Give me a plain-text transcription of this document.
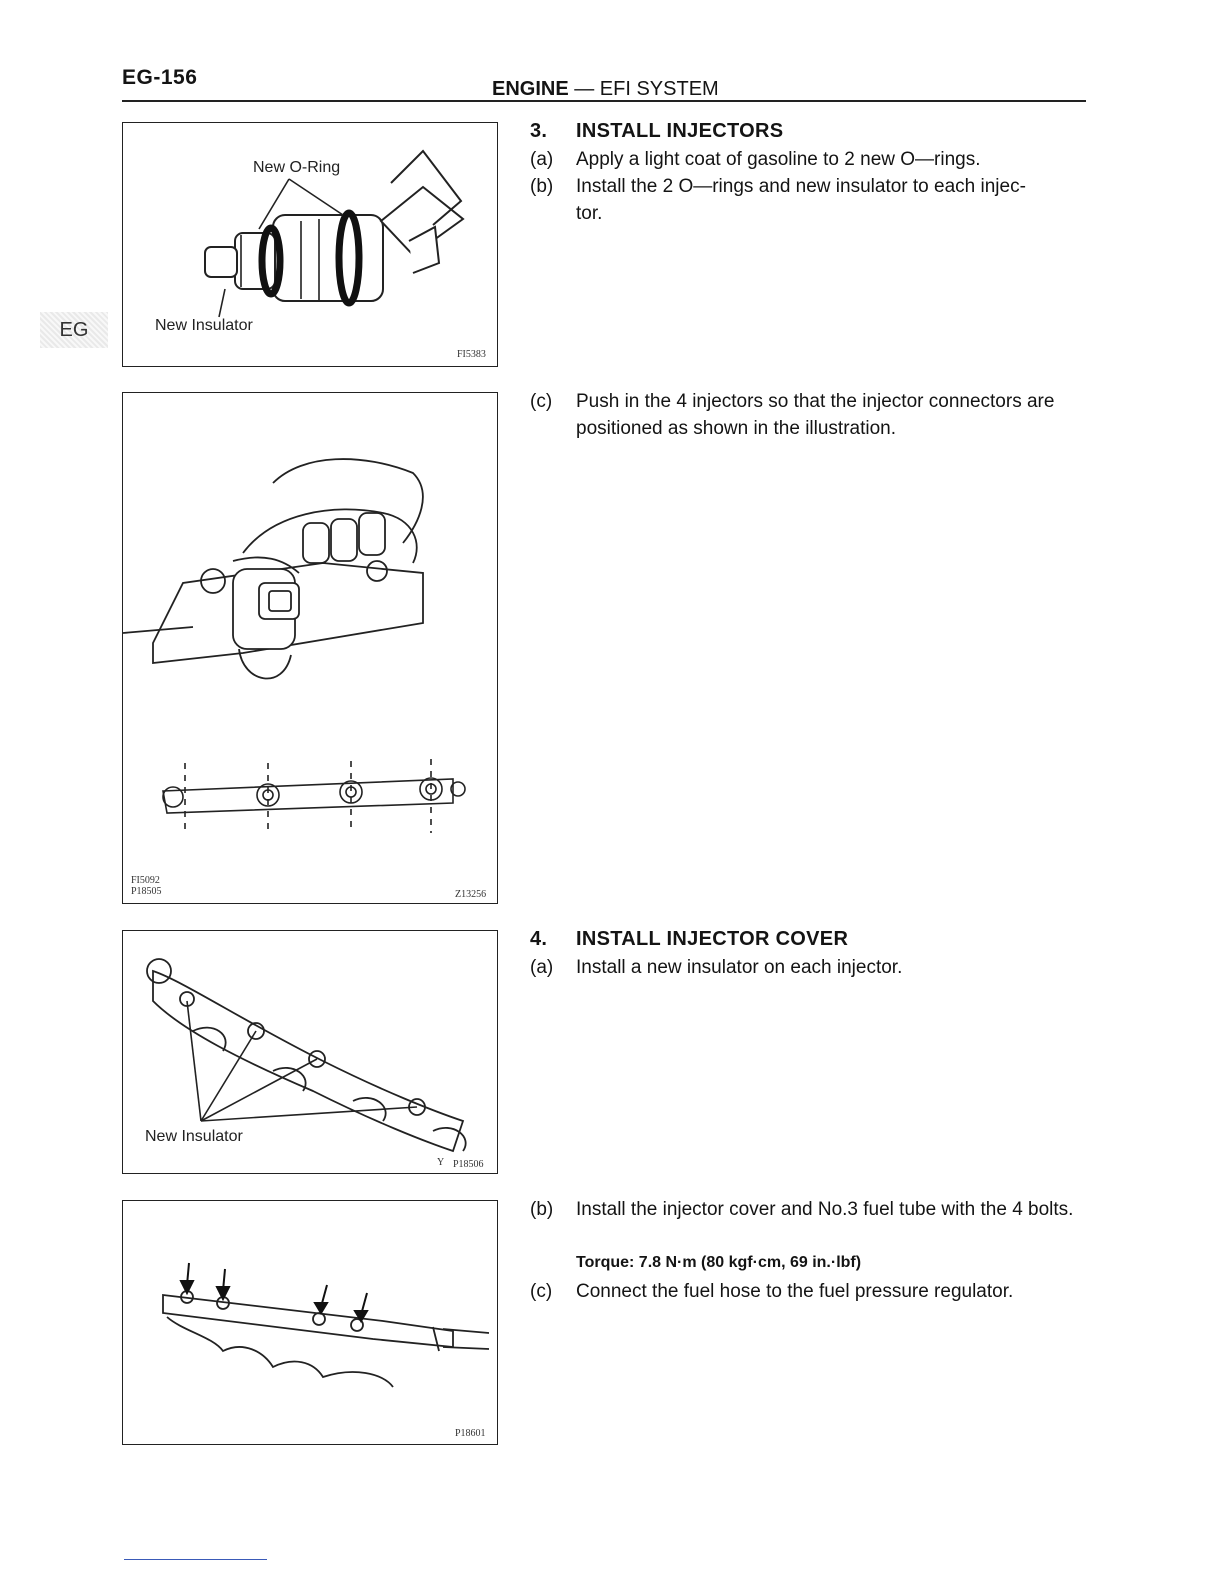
EG-156	ENGINE — EFI SYSTEM
EG
New O-Ring
New Insulator
FI5383
FI5092
P18505	Z13256
New Insulator
Y P18506
P18601
3. INSTALL INJECTORS
(a) Apply a light coat of gasoline to 2 new O—rings.
(b) Install the 2 O—rings and new insulator to each injec-
tor.
(c) Push in the 4 injectors so that the injector connectors are positioned as shown in the illustration.
4. INSTALL INJECTOR COVER
(a) Install a new insulator on each injector.
(b) Install the injector cover and No.3 fuel tube with the 4 bolts.
Torque: 7.8 N·m (80 kgf·cm, 69 in.·lbf)
(c) Connect the fuel hose to the fuel pressure regulator.
